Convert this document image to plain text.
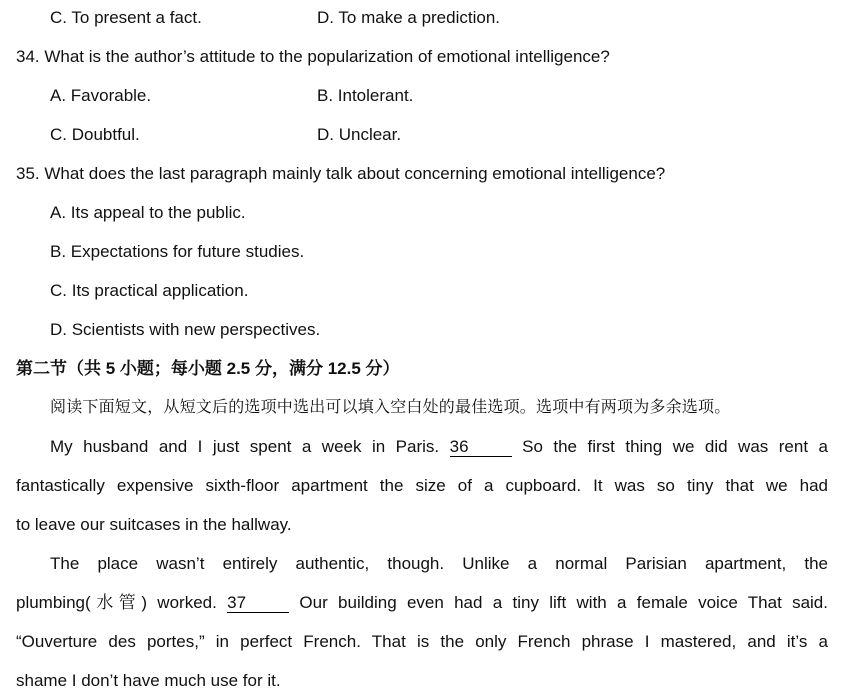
C. To present a fact.	D. To make a prediction.
34. What is the author’s attitude to the popularization of emotional intelligence?
A. Favorable.	B. Intolerant.
C. Doubtful.	D. Unclear.
35. What does the last paragraph mainly talk about concerning emotional intelligence?
A. Its appeal to the public.
B. Expectations for future studies.
C. Its practical application.
D. Scientists with new perspectives.
第二节（共 5 小题；每小题 2.5 分，满分 12.5 分）
阅读下面短文，从短文后的选项中选出可以填入空白处的最佳选项。选项中有两项为多余选项。
My husband and I just spent a week in Paris. 36	So the first thing we did was rent a
fantastically expensive sixth-floor apartment the size of a cupboard. It was so tiny that we had
to leave our suitcases in the hallway.
The place wasn’t entirely authentic, though. Unlike a normal Parisian apartment, the
plumbing(水管) worked. 37	Our building even had a tiny lift with a female voice That said.
“Ouverture des portes,” in perfect French. That is the only French phrase I mastered, and it’s a
shame I don’t have much use for it.
